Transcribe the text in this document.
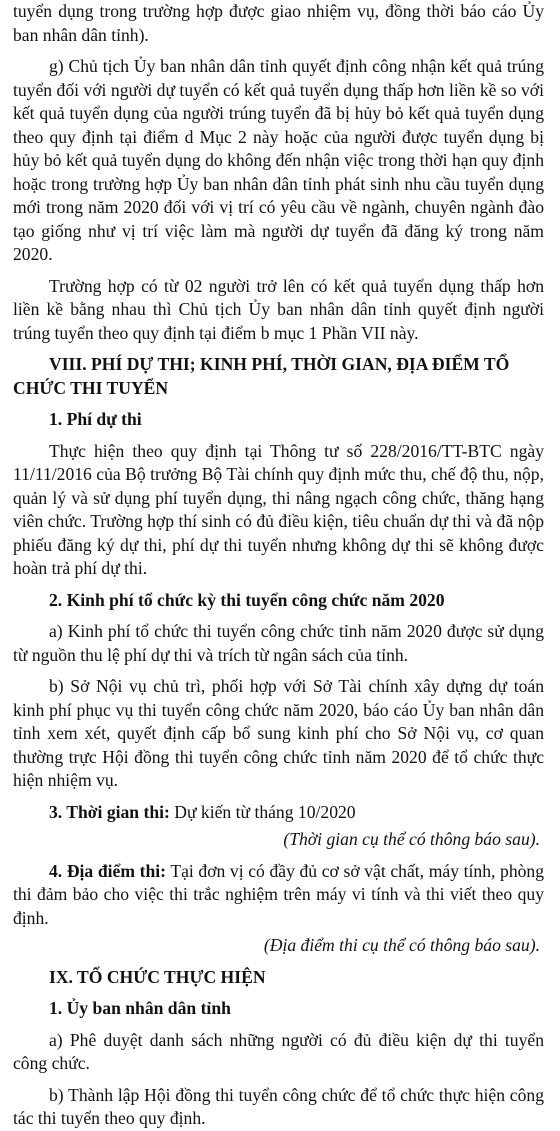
tuyển dụng trong trường hợp được giao nhiệm vụ, đồng thời báo cáo Ủy ban nhân dân tỉnh).

g) Chủ tịch Ủy ban nhân dân tỉnh quyết định công nhận kết quả trúng tuyển đối với người dự tuyển có kết quả tuyển dụng thấp hơn liền kề so với kết quả tuyển dụng của người trúng tuyển đã bị hủy bỏ kết quả tuyển dụng theo quy định tại điểm d Mục 2 này hoặc của người được tuyển dụng bị hủy bỏ kết quả tuyển dụng do không đến nhận việc trong thời hạn quy định hoặc trong trường hợp Ủy ban nhân dân tỉnh phát sinh nhu cầu tuyển dụng mới trong năm 2020 đối với vị trí có yêu cầu về ngành, chuyên ngành đào tạo giống như vị trí việc làm mà người dự tuyển đã đăng ký trong năm 2020.

Trường hợp có từ 02 người trở lên có kết quả tuyển dụng thấp hơn liền kề bằng nhau thì Chủ tịch Ủy ban nhân dân tỉnh quyết định người trúng tuyển theo quy định tại điểm b mục 1 Phần VII này.

VIII. PHÍ DỰ THI; KINH PHÍ, THỜI GIAN, ĐỊA ĐIỂM TỔ CHỨC THI TUYỂN

1. Phí dự thi

Thực hiện theo quy định tại Thông tư số 228/2016/TT-BTC ngày 11/11/2016 của Bộ trưởng Bộ Tài chính quy định mức thu, chế độ thu, nộp, quản lý và sử dụng phí tuyển dụng, thi nâng ngạch công chức, thăng hạng viên chức. Trường hợp thí sinh có đủ điều kiện, tiêu chuẩn dự thi và đã nộp phiếu đăng ký dự thi, phí dự thi tuyển nhưng không dự thi sẽ không được hoàn trả phí dự thi.

2. Kinh phí tổ chức kỳ thi tuyển công chức năm 2020

a) Kinh phí tổ chức thi tuyển công chức tỉnh năm 2020 được sử dụng từ nguồn thu lệ phí dự thi và trích từ ngân sách của tỉnh.

b) Sở Nội vụ chủ trì, phối hợp với Sở Tài chính xây dựng dự toán kinh phí phục vụ thi tuyển công chức năm 2020, báo cáo Ủy ban nhân dân tỉnh xem xét, quyết định cấp bổ sung kinh phí cho Sở Nội vụ, cơ quan thường trực Hội đồng thi tuyển công chức tỉnh năm 2020 để tổ chức thực hiện nhiệm vụ.

3. Thời gian thi: Dự kiến từ tháng 10/2020

(Thời gian cụ thể có thông báo sau).

4. Địa điểm thi: Tại đơn vị có đầy đủ cơ sở vật chất, máy tính, phòng thi đảm bảo cho việc thi trắc nghiệm trên máy vi tính và thi viết theo quy định.

(Địa điểm thi cụ thể có thông báo sau).

IX. TỔ CHỨC THỰC HIỆN

1. Ủy ban nhân dân tỉnh

a) Phê duyệt danh sách những người có đủ điều kiện dự thi tuyển công chức.

b) Thành lập Hội đồng thi tuyển công chức để tổ chức thực hiện công tác thi tuyển theo quy định.
